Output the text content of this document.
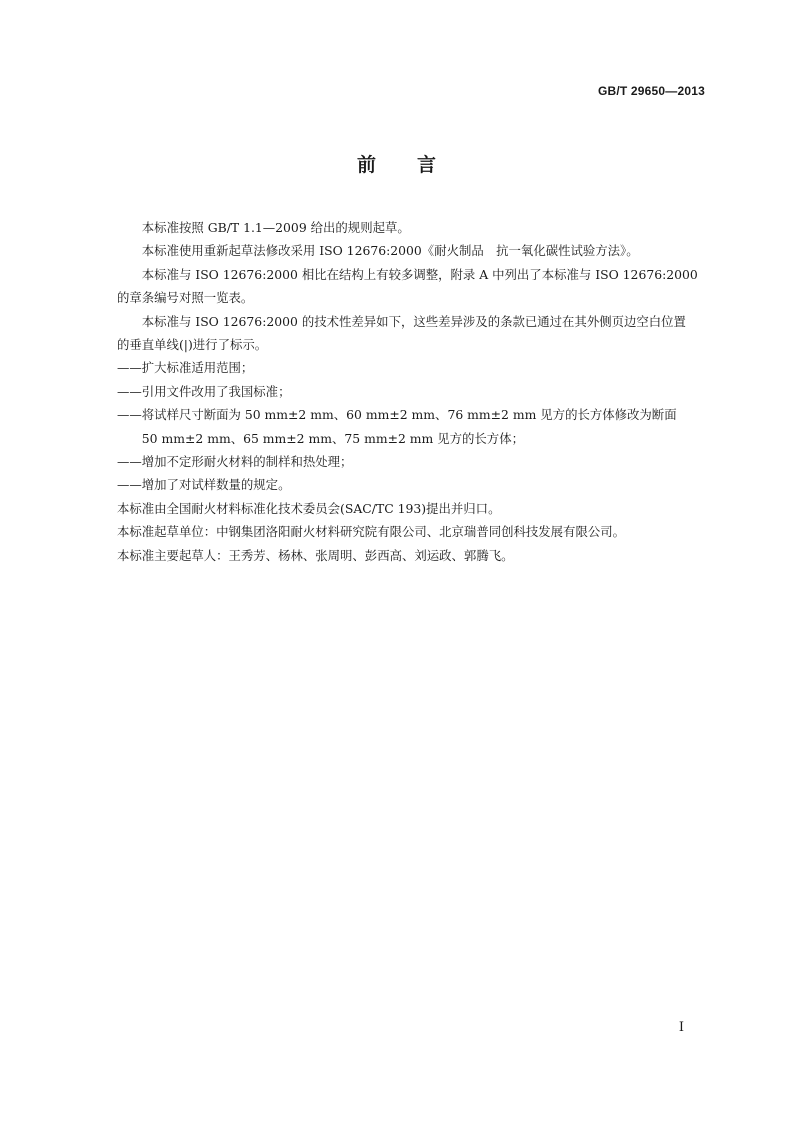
GB/T 29650—2013
前　　言

本标准按照 GB/T 1.1—2009 给出的规则起草。

本标准使用重新起草法修改采用 ISO 12676:2000《耐火制品　抗一氧化碳性试验方法》。

本标准与 ISO 12676:2000 相比在结构上有较多调整，附录 A 中列出了本标准与 ISO 12676:2000
的章条编号对照一览表。

本标准与 ISO 12676:2000 的技术性差异如下，这些差异涉及的条款已通过在其外侧页边空白位置
的垂直单线(|)进行了标示。

——扩大标准适用范围；

——引用文件改用了我国标准；

——将试样尺寸断面为 50 mm±2 mm、60 mm±2 mm、76 mm±2 mm 见方的长方体修改为断面
50 mm±2 mm、65 mm±2 mm、75 mm±2 mm 见方的长方体；

——增加不定形耐火材料的制样和热处理；

——增加了对试样数量的规定。

本标准由全国耐火材料标准化技术委员会(SAC/TC 193)提出并归口。

本标准起草单位：中钢集团洛阳耐火材料研究院有限公司、北京瑞普同创科技发展有限公司。

本标准主要起草人：王秀芳、杨林、张周明、彭西高、刘运政、郭腾飞。

I
